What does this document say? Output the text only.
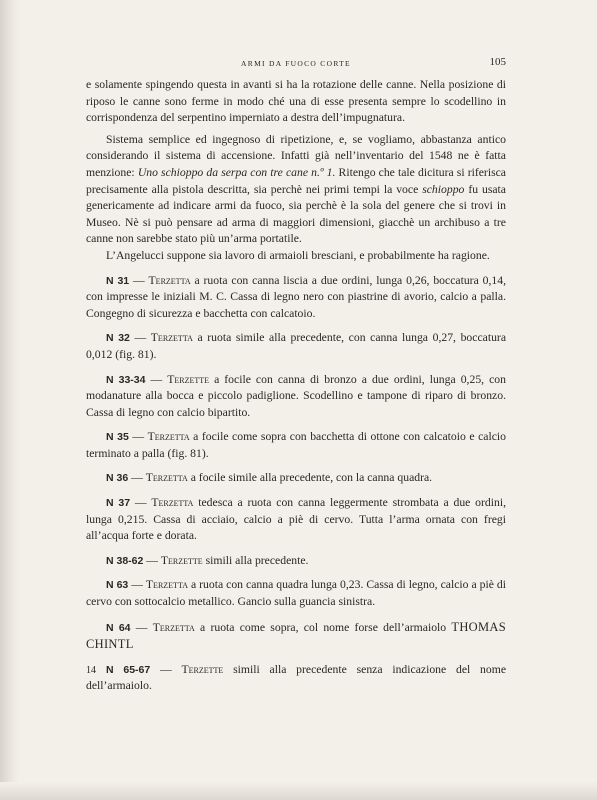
ARMI DA FUOCO CORTE	105

e solamente spingendo questa in avanti si ha la rotazione delle canne. Nella posizione di riposo le canne sono ferme in modo ché una di esse presenta sempre lo scodellino in corrispondenza del serpentino imperniato a destra dell’impugnatura.

Sistema semplice ed ingegnoso di ripetizione, e, se vogliamo, abbastanza antico considerando il sistema di accensione. Infatti già nell’inventario del 1548 ne è fatta menzione: Uno schioppo da serpa con tre cane n.º 1. Ritengo che tale dicitura si riferisca precisamente alla pistola descritta, sia perchè nei primi tempi la voce schioppo fu usata genericamente ad indicare armi da fuoco, sia perchè è la sola del genere che si trovi in Museo. Nè si può pensare ad arma di maggiori dimensioni, giacchè un archibuso a tre canne non sarebbe stato più un’arma portatile.

L’Angelucci suppone sia lavoro di armaioli bresciani, e probabilmente ha ragione.

N 31 — Terzetta a ruota con canna liscia a due ordini, lunga 0,26, boccatura 0,14, con impresse le iniziali M. C. Cassa di legno nero con piastrine di avorio, calcio a palla. Congegno di sicurezza e bacchetta con calcatoio.

N 32 — Terzetta a ruota simile alla precedente, con canna lunga 0,27, boccatura 0,012 (fig. 81).

N 33-34 — Terzette a focile con canna di bronzo a due ordini, lunga 0,25, con modanature alla bocca e piccolo padiglione. Scodellino e tampone di riparo di bronzo. Cassa di legno con calcio bipartito.

N 35 — Terzetta a focile come sopra con bacchetta di ottone con calcatoio e calcio terminato a palla (fig. 81).

N 36 — Terzetta a focile simile alla precedente, con la canna quadra.

N 37 — Terzetta tedesca a ruota con canna leggermente strombata a due ordini, lunga 0,215. Cassa di acciaio, calcio a piè di cervo. Tutta l’arma ornata con fregi all’acqua forte e dorata.

N 38-62 — Terzette simili alla precedente.

N 63 — Terzetta a ruota con canna quadra lunga 0,23. Cassa di legno, calcio a piè di cervo con sottocalcio metallico. Gancio sulla guancia sinistra.

N 64 — Terzetta a ruota come sopra, col nome forse dell’armaiolo THOMAS CHINTL

N 65-67 — Terzette simili alla precedente senza indicazione del nome dell’armaiolo.

14
